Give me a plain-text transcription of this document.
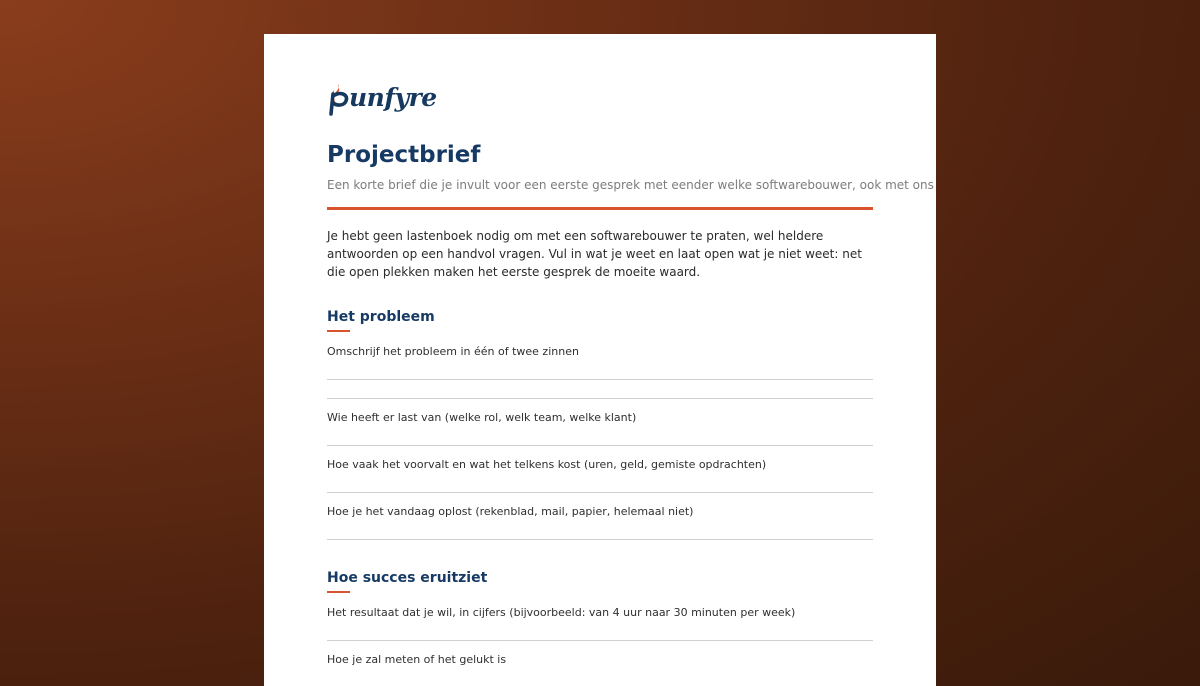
unfyre
Projectbrief

Een korte brief die je invult voor een eerste gesprek met eender welke softwarebouwer, ook met ons

Je hebt geen lastenboek nodig om met een softwarebouwer te praten, wel heldere antwoorden op een handvol vragen. Vul in wat je weet en laat open wat je niet weet: net die open plekken maken het eerste gesprek de moeite waard.

Het probleem

Omschrijf het probleem in één of twee zinnen

Wie heeft er last van (welke rol, welk team, welke klant)

Hoe vaak het voorvalt en wat het telkens kost (uren, geld, gemiste opdrachten)

Hoe je het vandaag oplost (rekenblad, mail, papier, helemaal niet)

Hoe succes eruitziet

Het resultaat dat je wil, in cijfers (bijvoorbeeld: van 4 uur naar 30 minuten per week)

Hoe je zal meten of het gelukt is
